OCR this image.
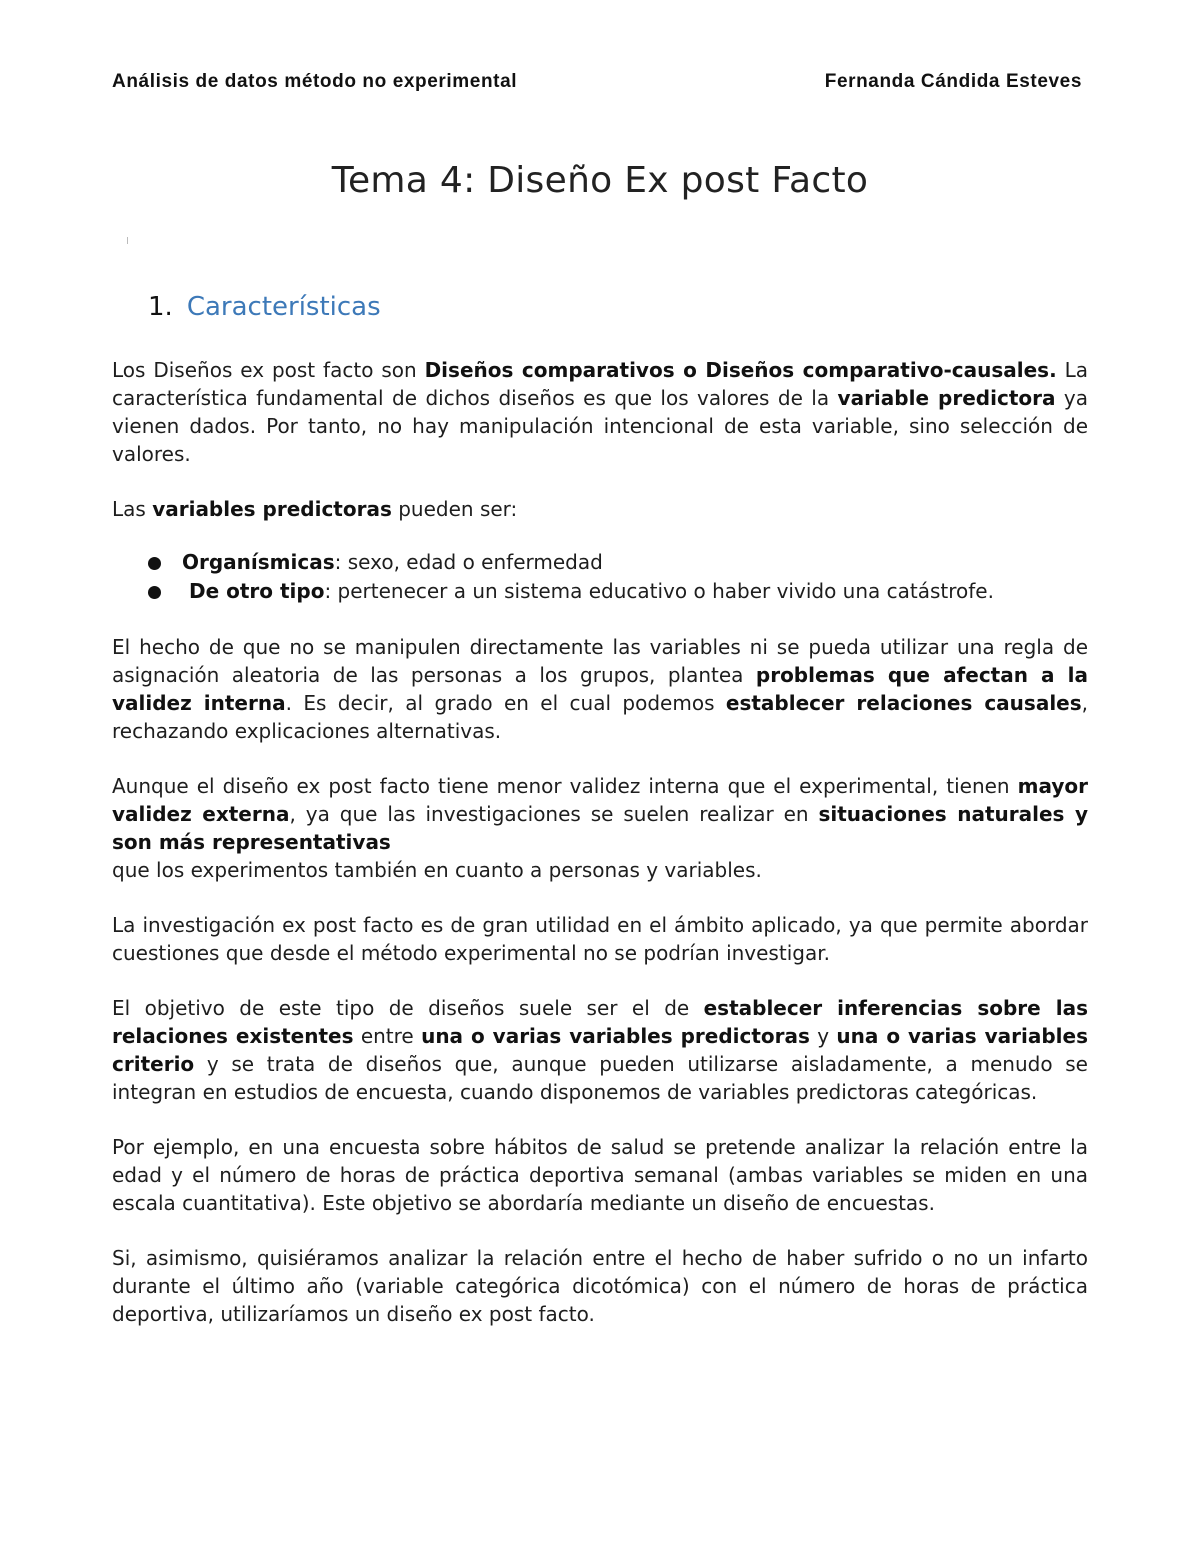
Análisis de datos método no experimental	Fernanda Cándida Esteves
Tema 4: Diseño Ex post Facto
1. Características

Los Diseños ex post facto son Diseños comparativos o Diseños comparativo-causales. La característica fundamental de dichos diseños es que los valores de la variable predictora ya vienen dados. Por tanto, no hay manipulación intencional de esta variable, sino selección de valores.

Las variables predictoras pueden ser:

Organísmicas: sexo, edad o enfermedad
De otro tipo: pertenecer a un sistema educativo o haber vivido una catástrofe.

El hecho de que no se manipulen directamente las variables ni se pueda utilizar una regla de asignación aleatoria de las personas a los grupos, plantea problemas que afectan a la validez interna. Es decir, al grado en el cual podemos establecer relaciones causales, rechazando explicaciones alternativas.

Aunque el diseño ex post facto tiene menor validez interna que el experimental, tienen mayor validez externa, ya que las investigaciones se suelen realizar en situaciones naturales y son más representativas
que los experimentos también en cuanto a personas y variables.

La investigación ex post facto es de gran utilidad en el ámbito aplicado, ya que permite abordar cuestiones que desde el método experimental no se podrían investigar.

El objetivo de este tipo de diseños suele ser el de establecer inferencias sobre las relaciones existentes entre una o varias variables predictoras y una o varias variables criterio y se trata de diseños que, aunque pueden utilizarse aisladamente, a menudo se integran en estudios de encuesta, cuando disponemos de variables predictoras categóricas.

Por ejemplo, en una encuesta sobre hábitos de salud se pretende analizar la relación entre la edad y el número de horas de práctica deportiva semanal (ambas variables se miden en una escala cuantitativa). Este objetivo se abordaría mediante un diseño de encuestas.

Si, asimismo, quisiéramos analizar la relación entre el hecho de haber sufrido o no un infarto durante el último año (variable categórica dicotómica) con el número de horas de práctica deportiva, utilizaríamos un diseño ex post facto.
